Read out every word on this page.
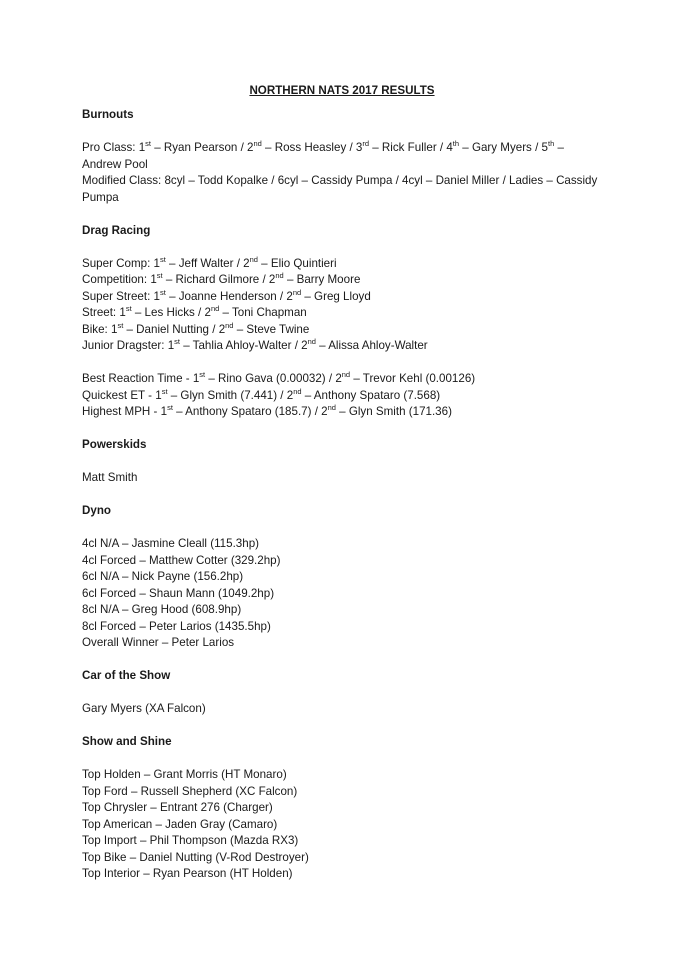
NORTHERN NATS 2017 RESULTS
Burnouts
Pro Class: 1st – Ryan Pearson / 2nd – Ross Heasley / 3rd – Rick Fuller / 4th – Gary Myers / 5th – Andrew Pool
Modified Class: 8cyl – Todd Kopalke / 6cyl – Cassidy Pumpa / 4cyl – Daniel Miller / Ladies – Cassidy Pumpa
Drag Racing
Super Comp: 1st – Jeff Walter / 2nd – Elio Quintieri
Competition: 1st – Richard Gilmore / 2nd – Barry Moore
Super Street: 1st – Joanne Henderson / 2nd – Greg Lloyd
Street: 1st – Les Hicks / 2nd – Toni Chapman
Bike: 1st – Daniel Nutting / 2nd – Steve Twine
Junior Dragster: 1st – Tahlia Ahloy-Walter / 2nd – Alissa Ahloy-Walter
Best Reaction Time - 1st – Rino Gava (0.00032) / 2nd – Trevor Kehl (0.00126)
Quickest ET - 1st – Glyn Smith (7.441) / 2nd – Anthony Spataro (7.568)
Highest MPH - 1st – Anthony Spataro (185.7) / 2nd – Glyn Smith (171.36)
Powerskids
Matt Smith
Dyno
4cl N/A – Jasmine Cleall (115.3hp)
4cl Forced – Matthew Cotter (329.2hp)
6cl N/A – Nick Payne (156.2hp)
6cl Forced – Shaun Mann (1049.2hp)
8cl N/A – Greg Hood (608.9hp)
8cl Forced – Peter Larios (1435.5hp)
Overall Winner – Peter Larios
Car of the Show
Gary Myers (XA Falcon)
Show and Shine
Top Holden – Grant Morris (HT Monaro)
Top Ford – Russell Shepherd (XC Falcon)
Top Chrysler – Entrant 276 (Charger)
Top American – Jaden Gray (Camaro)
Top Import – Phil Thompson (Mazda RX3)
Top Bike – Daniel Nutting (V-Rod Destroyer)
Top Interior – Ryan Pearson (HT Holden)
